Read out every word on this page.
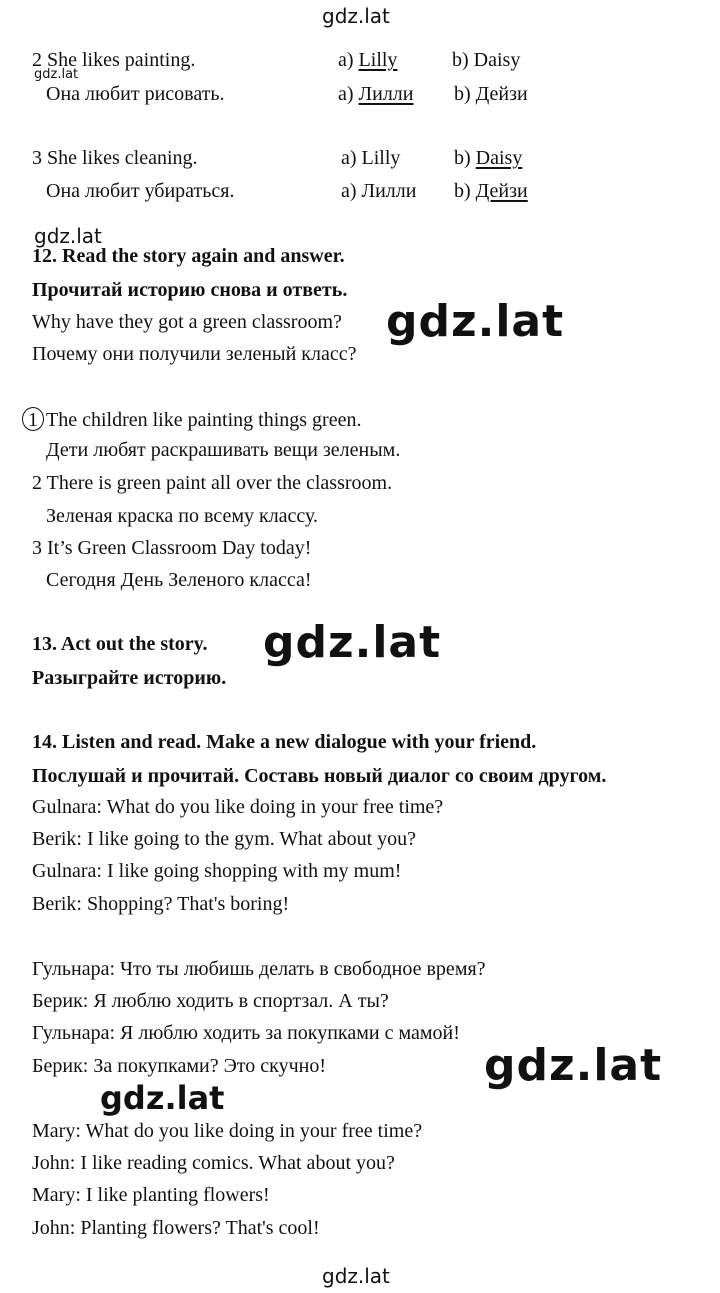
gdz.lat
gdz.lat
gdz.lat
gdz.lat
gdz.lat
gdz.lat
gdz.lat
gdz.lat
2 She likes painting.	a) Lilly	b) Daisy
Она любит рисовать.	a) Лилли b) Дейзи
3 She likes cleaning.	a) Lilly	b) Daisy
Она любит убираться.	a) Лилли b) Дейзи
12. Read the story again and answer.
Прочитай историю снова и ответь.
Why have they got a green classroom?
Почему они получили зеленый класс?
1 The children like painting things green.
Дети любят раскрашивать вещи зеленым.
2 There is green paint all over the classroom.
Зеленая краска по всему классу.
3 It’s Green Classroom Day today!
Сегодня День Зеленого класса!
13. Act out the story.
Разыграйте историю.
14. Listen and read. Make a new dialogue with your friend.
Послушай и прочитай. Составь новый диалог со своим другом.
Gulnara: What do you like doing in your free time?
Berik: I like going to the gym. What about you?
Gulnara: I like going shopping with my mum!
Berik: Shopping? That's boring!
Гульнара: Что ты любишь делать в свободное время?
Берик: Я люблю ходить в спортзал. А ты?
Гульнара: Я люблю ходить за покупками с мамой!
Берик: За покупками? Это скучно!
Mary: What do you like doing in your free time?
John: I like reading comics. What about you?
Mary: I like planting flowers!
John: Planting flowers? That's cool!
